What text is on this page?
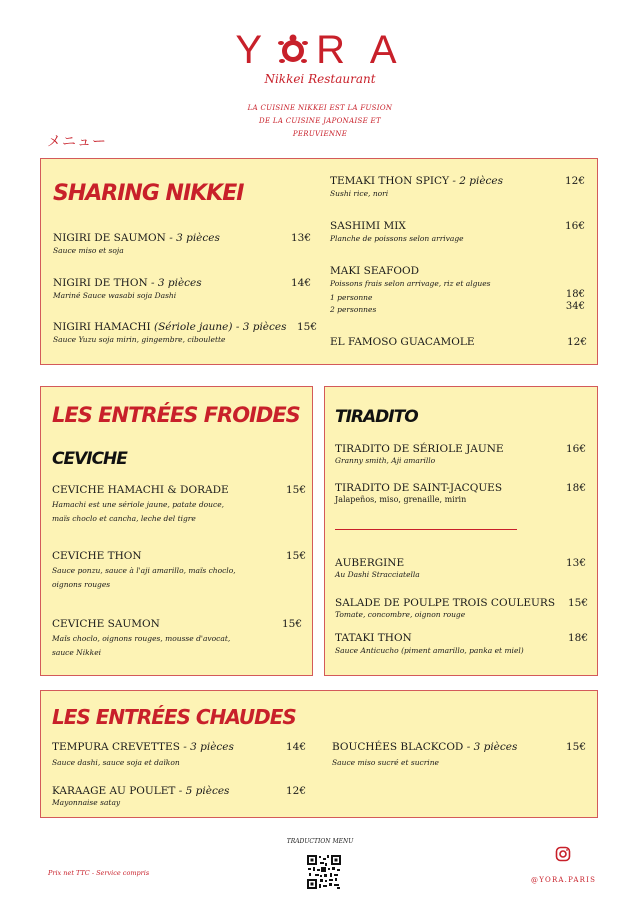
Y R A
Nikkei Restaurant
LA CUISINE NIKKEI EST LA FUSION
DE LA CUISINE JAPONAISE ET
PERUVIENNE
メニュー
SHARING NIKKEI
NIGIRI DE SAUMON - 3 pièces
Sauce miso et soja
13€
NIGIRI DE THON - 3 pièces
Mariné Sauce wasabi soja Dashi
14€
NIGIRI HAMACHI (Sériole jaune) - 3 pièces
Sauce Yuzu soja mirin, gingembre, ciboulette
15€
TEMAKI THON SPICY - 2 pièces
Sushi rice, nori
12€
SASHIMI MIX
Planche de poissons selon arrivage
16€
MAKI SEAFOOD
Poissons frais selon arrivage, riz et algues
1 personne
2 personnes
18€
34€
EL FAMOSO GUACAMOLE	12€
LES ENTRÉES FROIDES
CEVICHE
CEVICHE HAMACHI & DORADE
Hamachi est une sériole jaune, patate douce,
maïs choclo et cancha, leche del tigre
15€
CEVICHE THON
Sauce ponzu, sauce à l'aji amarillo, maïs choclo,
oignons rouges
15€
CEVICHE SAUMON
Maïs choclo, oignons rouges, mousse d'avocat,
sauce Nikkei
15€
TIRADITO
TIRADITO DE SÉRIOLE JAUNE
Granny smith, Aji amarillo
16€
TIRADITO DE SAINT-JACQUES
Jalapeños, miso, grenaille, mirin
18€
AUBERGINE
Au Dashi Stracciatella
13€
SALADE DE POULPE TROIS COULEURS
Tomate, concombre, oignon rouge
15€
TATAKI THON
Sauce Anticucho (piment amarillo, panka et miel)
18€
LES ENTRÉES CHAUDES
TEMPURA CREVETTES - 3 pièces
Sauce dashi, sauce soja et daïkon
14€
KARAAGE AU POULET - 5 pièces
Mayonnaise satay
12€
BOUCHÉES BLACKCOD - 3 pièces
Sauce miso sucré et sucrine
15€
TRADUCTION MENU
Prix net TTC - Service compris
@YORA.PARIS
